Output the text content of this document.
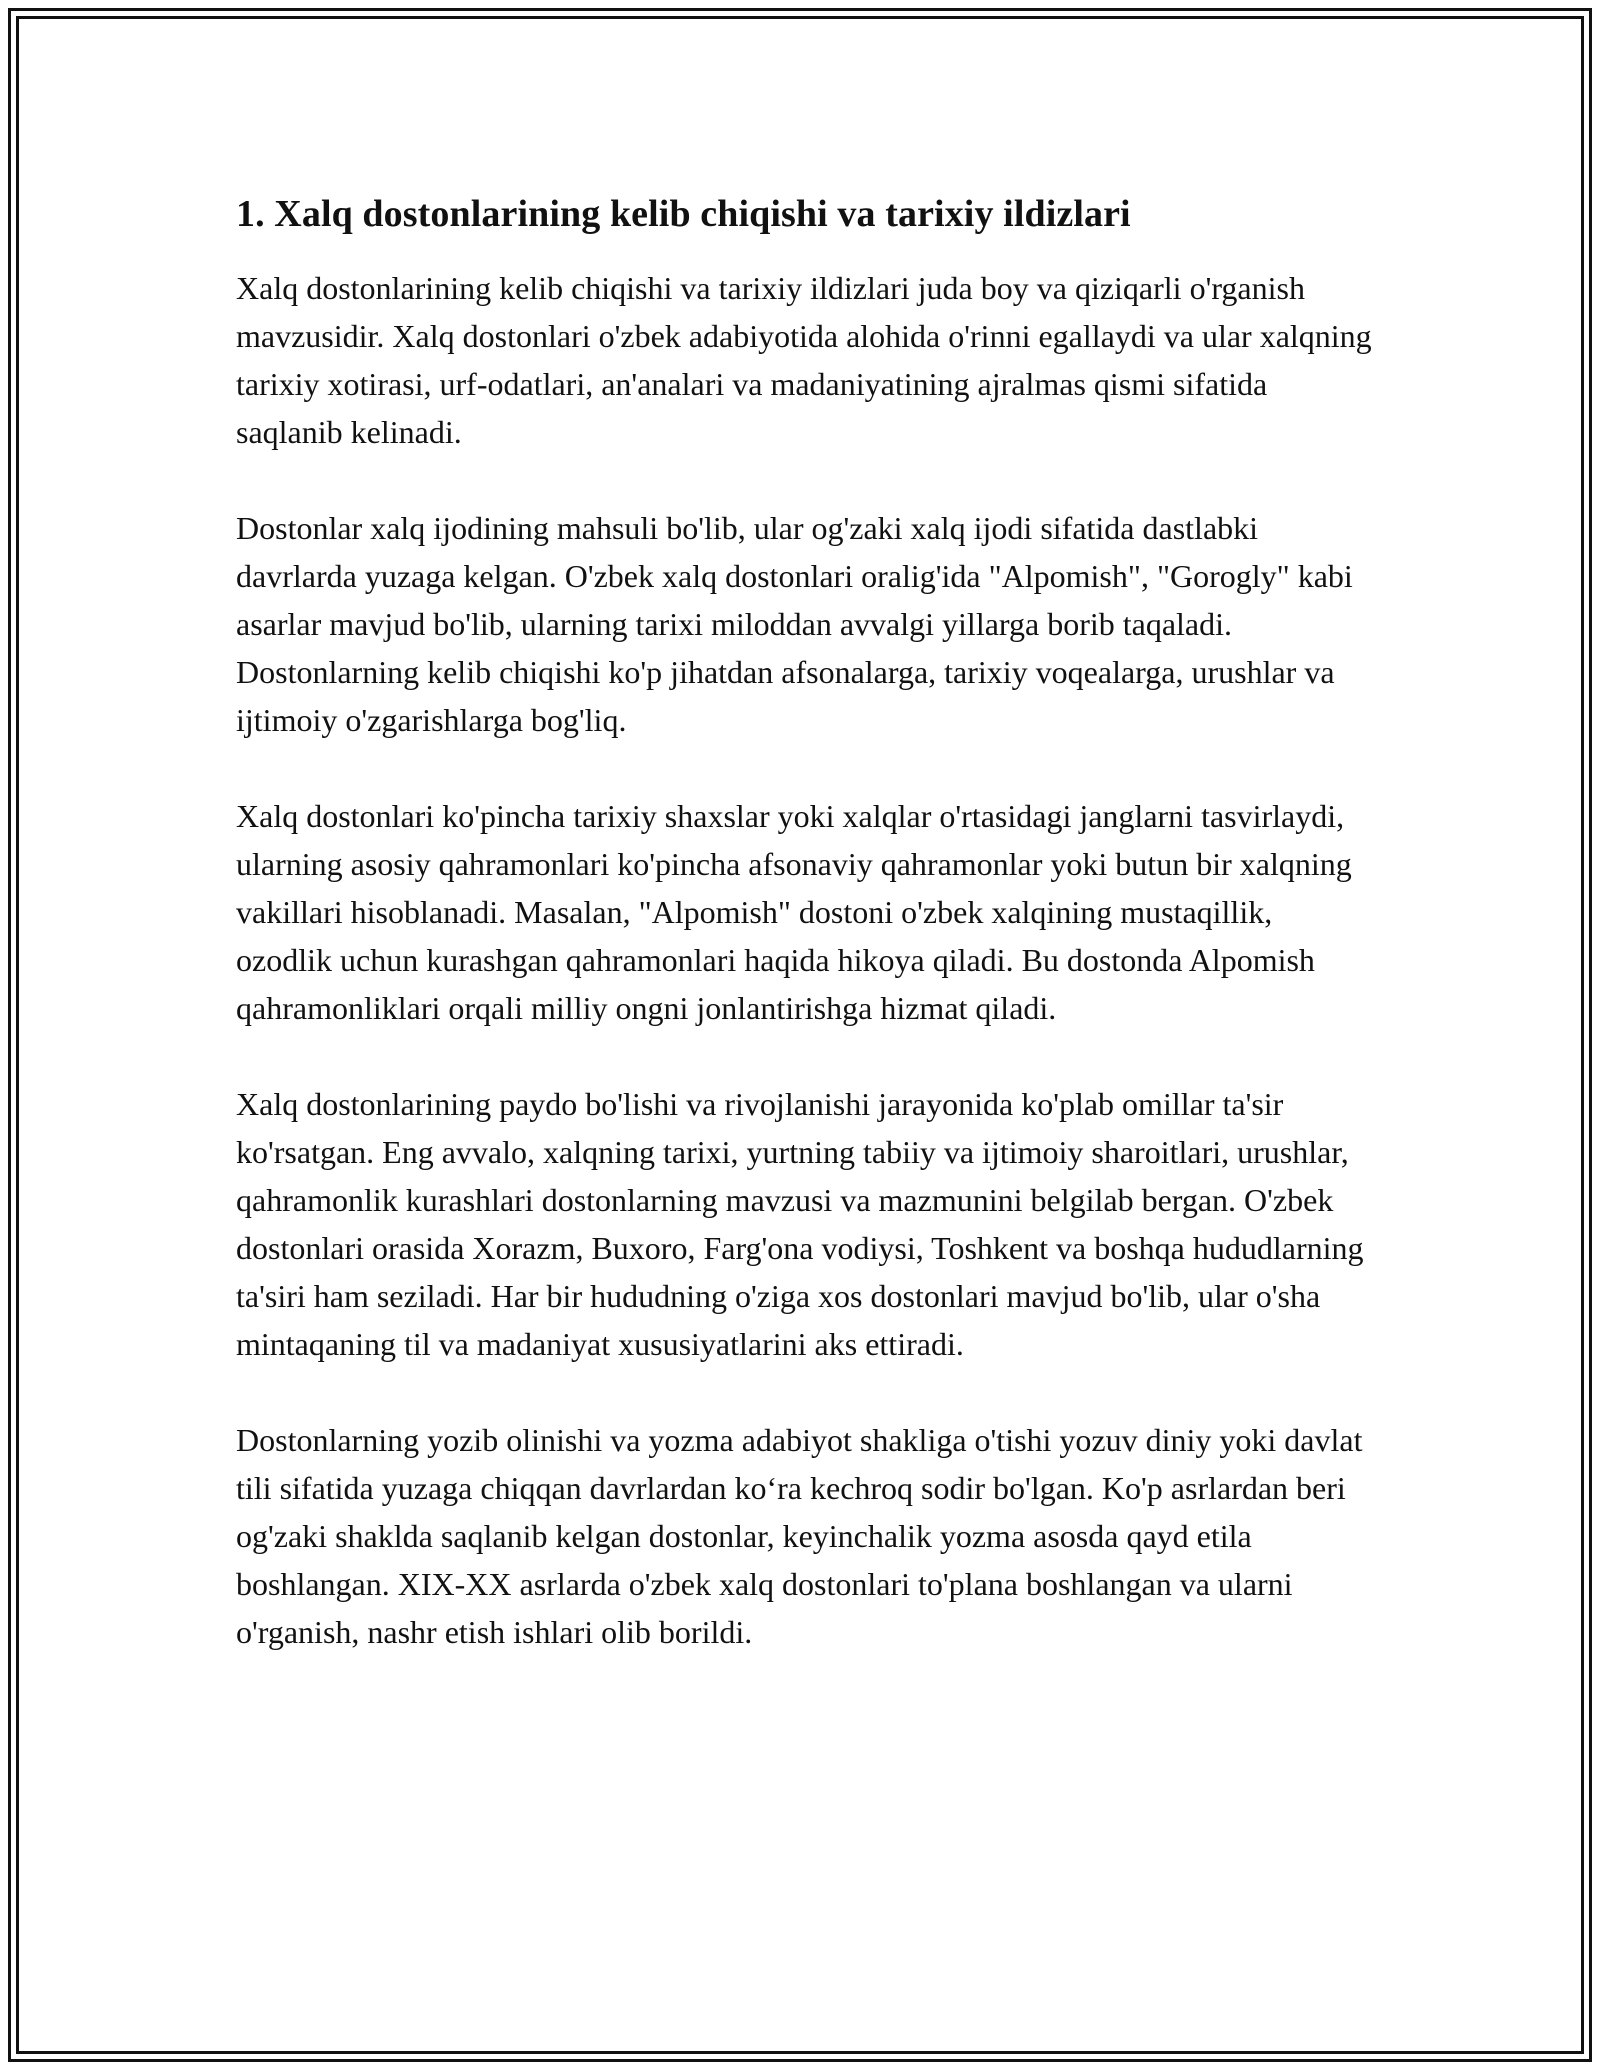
1. Xalq dostonlarining kelib chiqishi va tarixiy ildizlari

Xalq dostonlarining kelib chiqishi va tarixiy ildizlari juda boy va qiziqarli o'rganish mavzusidir. Xalq dostonlari o'zbek adabiyotida alohida o'rinni egallaydi va ular xalqning tarixiy xotirasi, urf-odatlari, an'analari va madaniyatining ajralmas qismi sifatida saqlanib kelinadi.

Dostonlar xalq ijodining mahsuli bo'lib, ular og'zaki xalq ijodi sifatida dastlabki davrlarda yuzaga kelgan. O'zbek xalq dostonlari oralig'ida "Alpomish", "Gorogly" kabi asarlar mavjud bo'lib, ularning tarixi miloddan avvalgi yillarga borib taqaladi. Dostonlarning kelib chiqishi ko'p jihatdan afsonalarga, tarixiy voqealarga, urushlar va ijtimoiy o'zgarishlarga bog'liq.

Xalq dostonlari ko'pincha tarixiy shaxslar yoki xalqlar o'rtasidagi janglarni tasvirlaydi, ularning asosiy qahramonlari ko'pincha afsonaviy qahramonlar yoki butun bir xalqning vakillari hisoblanadi. Masalan, "Alpomish" dostoni o'zbek xalqining mustaqillik, ozodlik uchun kurashgan qahramonlari haqida hikoya qiladi. Bu dostonda Alpomish qahramonliklari orqali milliy ongni jonlantirishga hizmat qiladi.

Xalq dostonlarining paydo bo'lishi va rivojlanishi jarayonida ko'plab omillar ta'sir ko'rsatgan. Eng avvalo, xalqning tarixi, yurtning tabiiy va ijtimoiy sharoitlari, urushlar, qahramonlik kurashlari dostonlarning mavzusi va mazmunini belgilab bergan. O'zbek dostonlari orasida Xorazm, Buxoro, Farg'ona vodiysi, Toshkent va boshqa hududlarning ta'siri ham seziladi. Har bir hududning o'ziga xos dostonlari mavjud bo'lib, ular o'sha mintaqaning til va madaniyat xususiyatlarini aks ettiradi.

Dostonlarning yozib olinishi va yozma adabiyot shakliga o'tishi yozuv diniy yoki davlat tili sifatida yuzaga chiqqan davrlardan koʻra kechroq sodir bo'lgan. Ko'p asrlardan beri og'zaki shaklda saqlanib kelgan dostonlar, keyinchalik yozma asosda qayd etila boshlangan. XIX-XX asrlarda o'zbek xalq dostonlari to'plana boshlangan va ularni o'rganish, nashr etish ishlari olib borildi.
